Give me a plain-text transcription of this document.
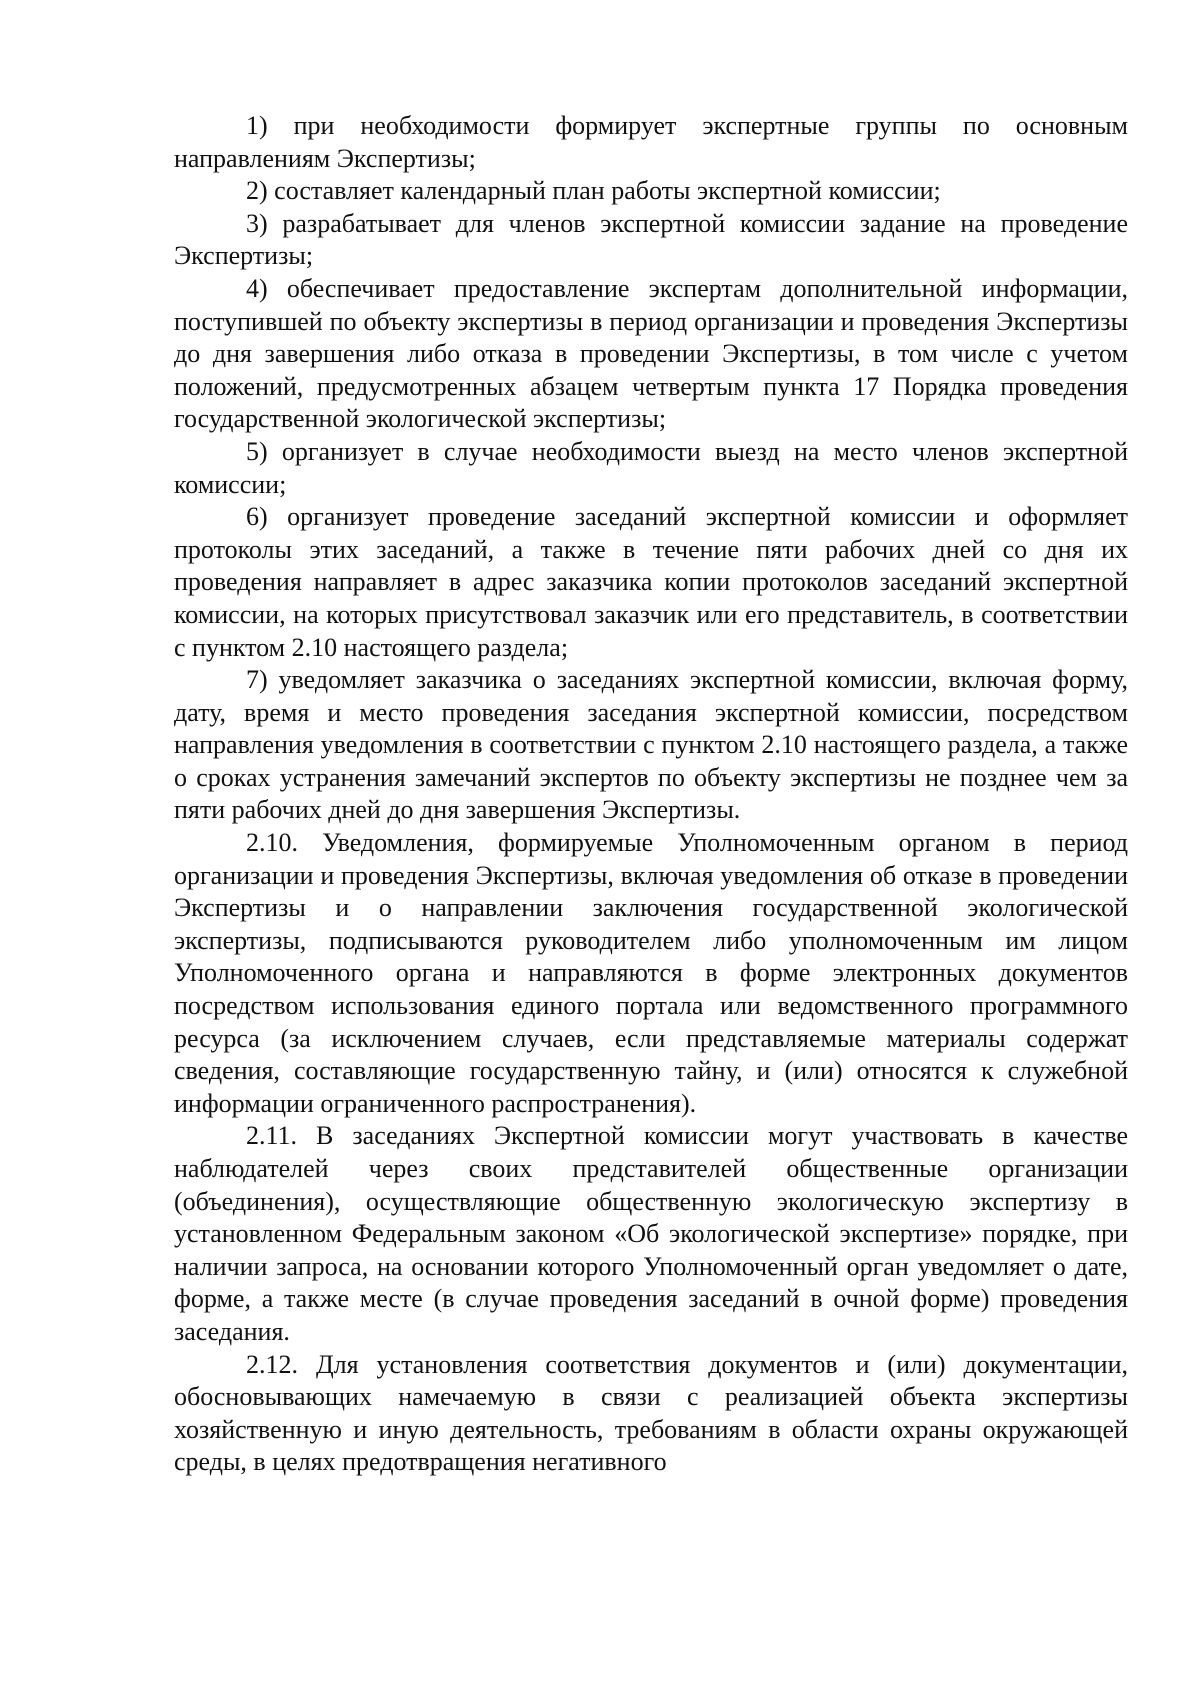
1) при необходимости формирует экспертные группы по основным направлениям Экспертизы;

2) составляет календарный план работы экспертной комиссии;

3) разрабатывает для членов экспертной комиссии задание на проведение Экспертизы;

4) обеспечивает предоставление экспертам дополнительной информации, поступившей по объекту экспертизы в период организации и проведения Экспертизы до дня завершения либо отказа в проведении Экспертизы, в том числе с учетом положений, предусмотренных абзацем четвертым пункта 17 Порядка проведения государственной экологической экспертизы;

5) организует в случае необходимости выезд на место членов экспертной комиссии;

6) организует проведение заседаний экспертной комиссии и оформляет протоколы этих заседаний, а также в течение пяти рабочих дней со дня их проведения направляет в адрес заказчика копии протоколов заседаний экспертной комиссии, на которых присутствовал заказчик или его представитель, в соответствии с пунктом 2.10 настоящего раздела;

7) уведомляет заказчика о заседаниях экспертной комиссии, включая форму, дату, время и место проведения заседания экспертной комиссии, посредством направления уведомления в соответствии с пунктом 2.10 настоящего раздела, а также о сроках устранения замечаний экспертов по объекту экспертизы не позднее чем за пяти рабочих дней до дня завершения Экспертизы.

2.10. Уведомления, формируемые Уполномоченным органом в период организации и проведения Экспертизы, включая уведомления об отказе в проведении Экспертизы и о направлении заключения государственной экологической экспертизы, подписываются руководителем либо уполномоченным им лицом Уполномоченного органа и направляются в форме электронных документов посредством использования единого портала или ведомственного программного ресурса (за исключением случаев, если представляемые материалы содержат сведения, составляющие государственную тайну, и (или) относятся к служебной информации ограниченного распространения).

2.11. В заседаниях Экспертной комиссии могут участвовать в качестве наблюдателей через своих представителей общественные организации (объединения), осуществляющие общественную экологическую экспертизу в установленном Федеральным законом «Об экологической экспертизе» порядке, при наличии запроса, на основании которого Уполномоченный орган уведомляет о дате, форме, а также месте (в случае проведения заседаний в очной форме) проведения заседания.

2.12. Для установления соответствия документов и (или) документации, обосновывающих намечаемую в связи с реализацией объекта экспертизы хозяйственную и иную деятельность, требованиям в области охраны окружающей среды, в целях предотвращения негативного
